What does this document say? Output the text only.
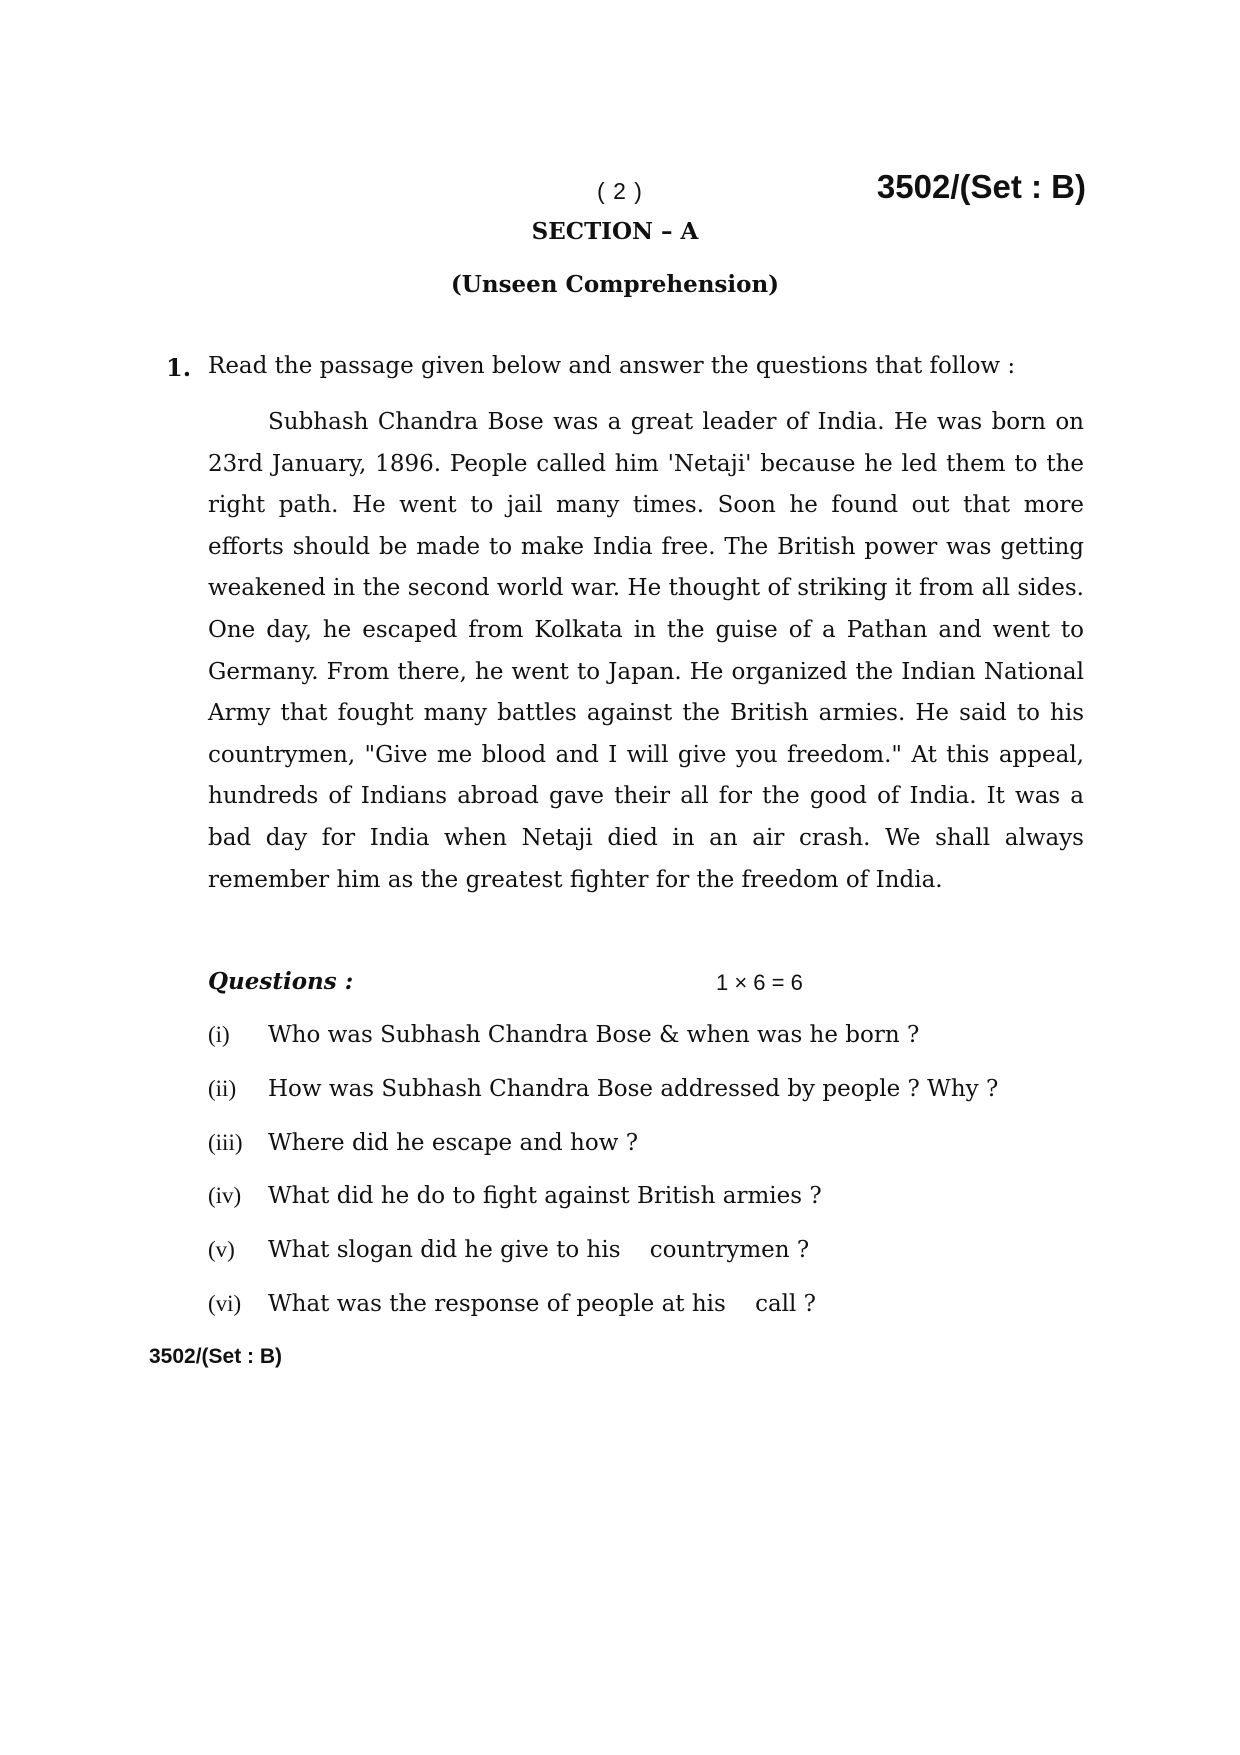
( 2 )	3502/(Set : B)
SECTION – A
(Unseen Comprehension)
1. Read the passage given below and answer the questions that follow :

Subhash Chandra Bose was a great leader of India. He was born on 23rd January, 1896. People called him 'Netaji' because he led them to the right path. He went to jail many times. Soon he found out that more efforts should be made to make India free. The British power was getting weakened in the second world war. He thought of striking it from all sides. One day, he escaped from Kolkata in the guise of a Pathan and went to Germany. From there, he went to Japan. He organized the Indian National Army that fought many battles against the British armies. He said to his countrymen, "Give me blood and I will give you freedom." At this appeal, hundreds of Indians abroad gave their all for the good of India. It was a bad day for India when Netaji died in an air crash. We shall always remember him as the greatest fighter for the freedom of India.

Questions :	1 × 6 = 6
(i) Who was Subhash Chandra Bose & when was he born ?
(ii) How was Subhash Chandra Bose addressed by people ? Why ?
(iii) Where did he escape and how ?
(iv) What did he do to fight against British armies ?
(v) What slogan did he give to his    countrymen ?
(vi) What was the response of people at his    call ?
3502/(Set : B)
